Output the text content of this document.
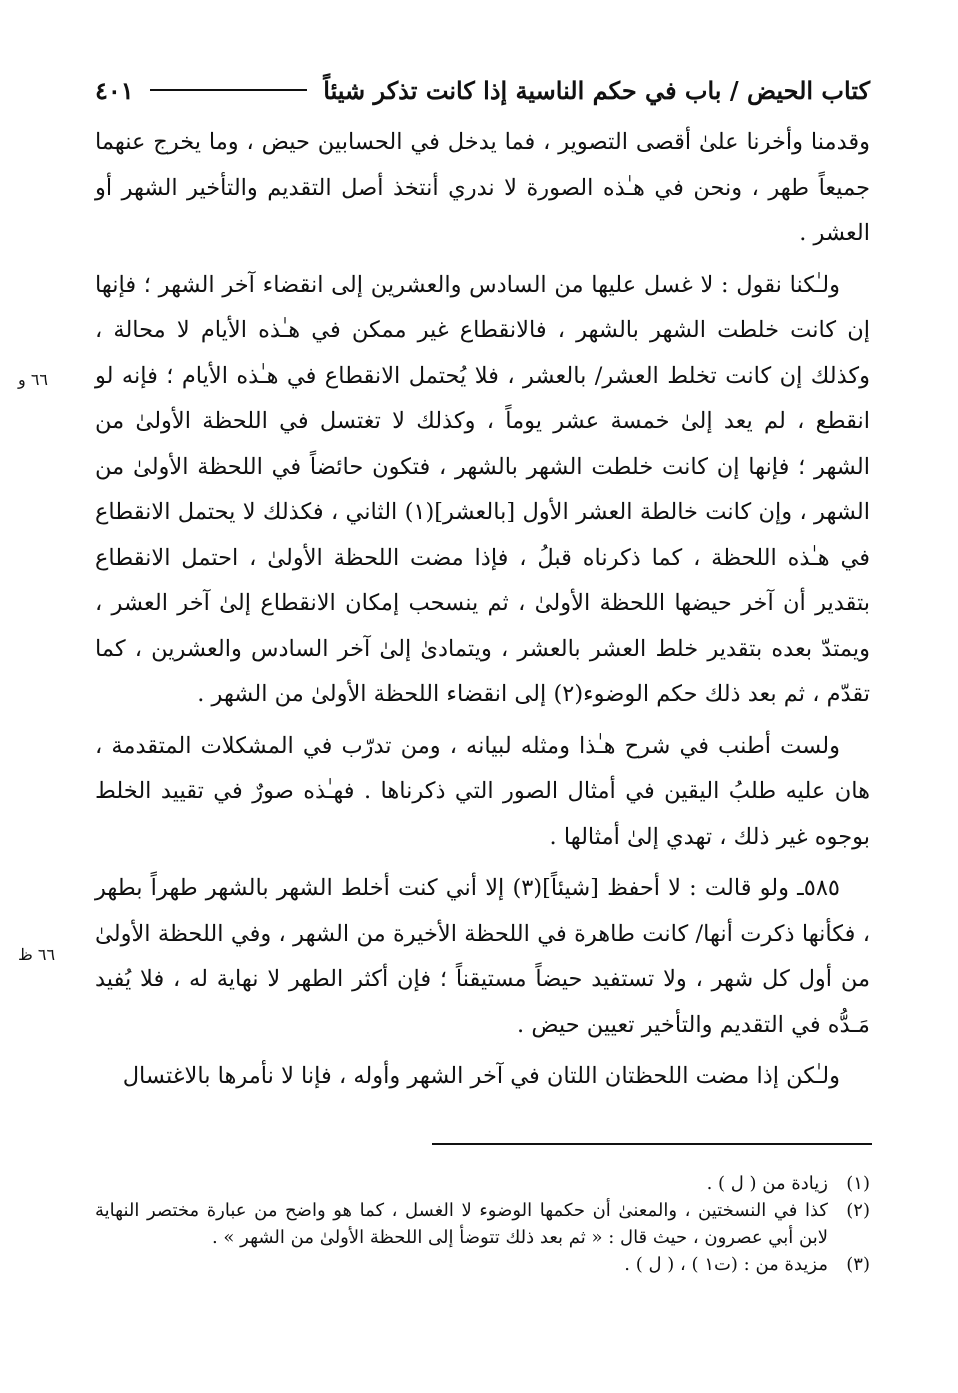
كتاب الحيض / باب في حكم الناسية إذا كانت تذكر شيئاً
٤٠١

وقدمنا وأخرنا علىٰ أقصى التصوير ، فما يدخل في الحسابين حيض ، وما يخرج عنهما جميعاً طهر ، ونحن في هـٰذه الصورة لا ندري أنتخذ أصل التقديم والتأخير الشهر أو العشر .

ولـٰكنا نقول : لا غسل عليها من السادس والعشرين إلى انقضاء آخر الشهر ؛ فإنها إن كانت خلطت الشهر بالشهر ، فالانقطاع غير ممكن في هـٰذه الأيام لا محالة ، وكذلك إن كانت تخلط العشر/ بالعشر ، فلا يُحتمل الانقطاع في هـٰذه الأيام ؛ فإنه لو انقطع ، لم يعد إلىٰ خمسة عشر يوماً ، وكذلك لا تغتسل في اللحظة الأولىٰ من الشهر ؛ فإنها إن كانت خلطت الشهر بالشهر ، فتكون حائضاً في اللحظة الأولىٰ من الشهر ، وإن كانت خالطة العشر الأول [بالعشر](١) الثاني ، فكذلك لا يحتمل الانقطاع في هـٰذه اللحظة ، كما ذكرناه قبلُ ، فإذا مضت اللحظة الأولىٰ ، احتمل الانقطاع بتقدير أن آخر حيضها اللحظة الأولىٰ ، ثم ينسحب إمكان الانقطاع إلىٰ آخر العشر ، ويمتدّ بعده بتقدير خلط العشر بالعشر ، ويتمادىٰ إلىٰ آخر السادس والعشرين ، كما تقدّم ، ثم بعد ذلك حكم الوضوء(٢) إلى انقضاء اللحظة الأولىٰ من الشهر .

ولست أطنب في شرح هـٰذا ومثله لبيانه ، ومن تدرّب في المشكلات المتقدمة ، هان عليه طلبُ اليقين في أمثال الصور التي ذكرناها . فهـٰذه صورٌ في تقييد الخلط بوجوه غير ذلك ، تهدي إلىٰ أمثالها .

٥٨٥ـ ولو قالت : لا أحفظ [شيئاً](٣) إلا أني كنت أخلط الشهر بالشهر طهراً بطهر ، فكأنها ذكرت أنها/ كانت طاهرة في اللحظة الأخيرة من الشهر ، وفي اللحظة الأولىٰ من أول كل شهر ، ولا تستفيد حيضاً مستيقناً ؛ فإن أكثر الطهر لا نهاية له ، فلا يُفيد مَـدُّه في التقديم والتأخير تعيين حيض .

ولـٰكن إذا مضت اللحظتان اللتان في آخر الشهر وأوله ، فإنا لا نأمرها بالاغتسال

٦٦ و
٦٦ ظ
(١)
زيادة من ( ل ) .
(٢)
كذا في النسختين ، والمعنىٰ أن حكمها الوضوء لا الغسل ، كما هو واضح من عبارة مختصر النهاية لابن أبي عصرون ، حيث قال : « ثم بعد ذلك تتوضأ إلى اللحظة الأولىٰ من الشهر » .
(٣)
مزيدة من : (ت١ ) ، ( ل ) .
